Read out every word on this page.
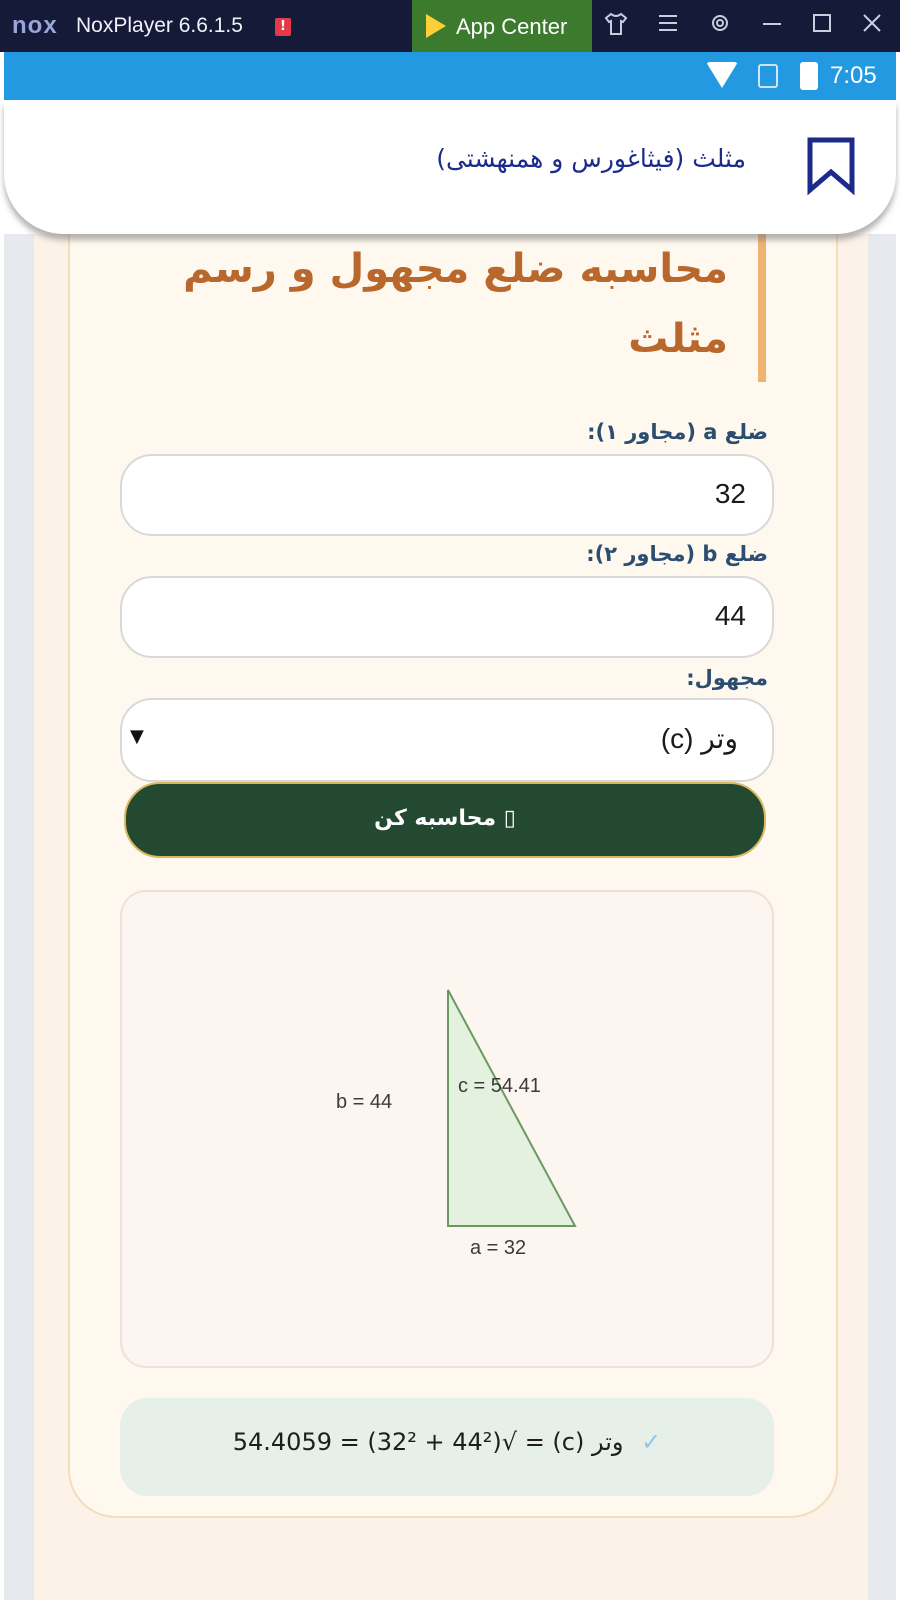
nox NoxPlayer 6.6.1.5	!	App Center
7:05
مثلث (فیثاغورس و همنهشتی)
محاسبه ضلع مجهول و رسم مثلث
ضلع a (مجاور ۱):
32
ضلع b (مجاور ۲):
44
مجهول:
وتر (c)
▼
▯ محاسبه کن
b = 44
c = 54.41
a = 32
✓ وتر (c) = √(32² + 44²) = 54.4059
